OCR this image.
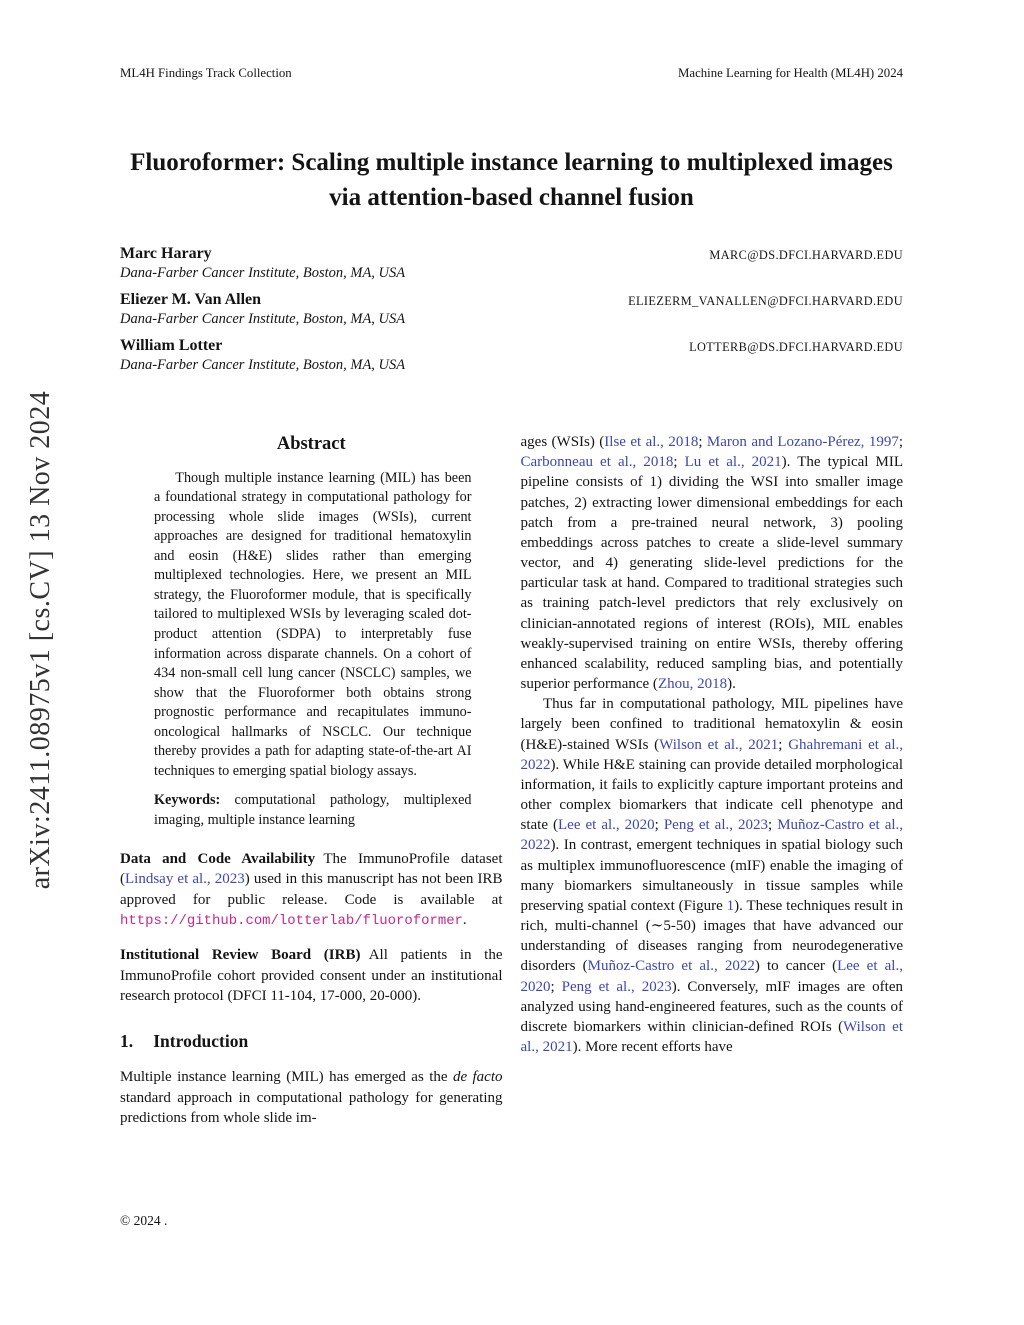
arXiv:2411.08975v1 [cs.CV] 13 Nov 2024
ML4H Findings Track Collection	Machine Learning for Health (ML4H) 2024
Fluoroformer: Scaling multiple instance learning to multiplexed images via attention-based channel fusion
Marc Harary
Dana-Farber Cancer Institute, Boston, MA, USA
MARC@DS.DFCI.HARVARD.EDU
Eliezer M. Van Allen
Dana-Farber Cancer Institute, Boston, MA, USA
ELIEZERM_VANALLEN@DFCI.HARVARD.EDU
William Lotter
Dana-Farber Cancer Institute, Boston, MA, USA
LOTTERB@DS.DFCI.HARVARD.EDU
Abstract

Though multiple instance learning (MIL) has been a foundational strategy in computational pathology for processing whole slide images (WSIs), current approaches are designed for traditional hematoxylin and eosin (H&E) slides rather than emerging multiplexed technologies. Here, we present an MIL strategy, the Fluoroformer module, that is specifically tailored to multiplexed WSIs by leveraging scaled dot-product attention (SDPA) to interpretably fuse information across disparate channels. On a cohort of 434 non-small cell lung cancer (NSCLC) samples, we show that the Fluoroformer both obtains strong prognostic performance and recapitulates immuno-oncological hallmarks of NSCLC. Our technique thereby provides a path for adapting state-of-the-art AI techniques to emerging spatial biology assays.

Keywords: computational pathology, multiplexed imaging, multiple instance learning

Data and Code Availability The ImmunoProfile dataset (Lindsay et al., 2023) used in this manuscript has not been IRB approved for public release. Code is available at https://github.com/lotterlab/fluoroformer.

Institutional Review Board (IRB) All patients in the ImmunoProfile cohort provided consent under an institutional research protocol (DFCI 11-104, 17-000, 20-000).

1. Introduction

Multiple instance learning (MIL) has emerged as the de facto standard approach in computational pathology for generating predictions from whole slide im-

ages (WSIs) (Ilse et al., 2018; Maron and Lozano-Pérez, 1997; Carbonneau et al., 2018; Lu et al., 2021). The typical MIL pipeline consists of 1) dividing the WSI into smaller image patches, 2) extracting lower dimensional embeddings for each patch from a pre-trained neural network, 3) pooling embeddings across patches to create a slide-level summary vector, and 4) generating slide-level predictions for the particular task at hand. Compared to traditional strategies such as training patch-level predictors that rely exclusively on clinician-annotated regions of interest (ROIs), MIL enables weakly-supervised training on entire WSIs, thereby offering enhanced scalability, reduced sampling bias, and potentially superior performance (Zhou, 2018).

Thus far in computational pathology, MIL pipelines have largely been confined to traditional hematoxylin & eosin (H&E)-stained WSIs (Wilson et al., 2021; Ghahremani et al., 2022). While H&E staining can provide detailed morphological information, it fails to explicitly capture important proteins and other complex biomarkers that indicate cell phenotype and state (Lee et al., 2020; Peng et al., 2023; Muñoz-Castro et al., 2022). In contrast, emergent techniques in spatial biology such as multiplex immunofluorescence (mIF) enable the imaging of many biomarkers simultaneously in tissue samples while preserving spatial context (Figure 1). These techniques result in rich, multi-channel (∼5-50) images that have advanced our understanding of diseases ranging from neurodegenerative disorders (Muñoz-Castro et al., 2022) to cancer (Lee et al., 2020; Peng et al., 2023). Conversely, mIF images are often analyzed using hand-engineered features, such as the counts of discrete biomarkers within clinician-defined ROIs (Wilson et al., 2021). More recent efforts have

© 2024 .
